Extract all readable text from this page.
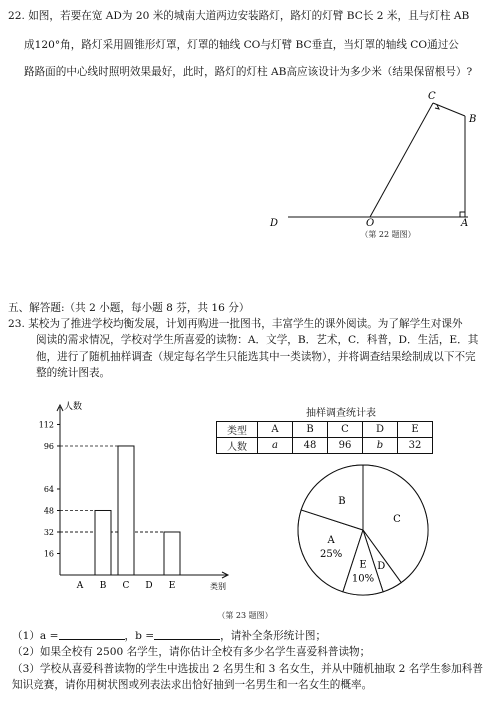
22. 如图，若要在宽 AD为 20 米的城南大道两边安装路灯，路灯的灯臂 BC长 2 米，且与灯柱 AB
成120°角，路灯采用圆锥形灯罩，灯罩的轴线 CO与灯臂 BC垂直，当灯罩的轴线 CO通过公
路路面的中心线时照明效果最好，此时，路灯的灯柱 AB高应该设计为多少米（结果保留根号）?
C
B
D	O	A
（第 22 题图）
五、解答题:（共 2 小题，每小题 8 芬，共 16 分）
23. 某校为了推进学校均衡发展，计划再购进一批图书，丰富学生的课外阅读。为了解学生对课外
阅读的需求情况，学校对学生所喜爱的读物：A．文学，B．艺术，C．科普，D．生活，E．其
他，进行了随机抽样调查（规定每名学生只能选其中一类读物），并将调查结果绘制成以下不完
整的统计图表。
人数
类别
16
32
48
64
96
112
A B C D E
抽样调查统计表
类型	A	B	C	D	E
人数	a	48	96	b	32
A
25%
B
C
D
E
10%
（第 23 题图）
（1）a =	，b =	，请补全条形统计图；
（2）如果全校有 2500 名学生，请你估计全校有多少名学生喜爱科普读物；
（3）学校从喜爱科普读物的学生中选拔出 2 名男生和 3 名女生，并从中随机抽取 2 名学生参加科普
知识竞赛，请你用树状图或列表法求出恰好抽到一名男生和一名女生的概率。
